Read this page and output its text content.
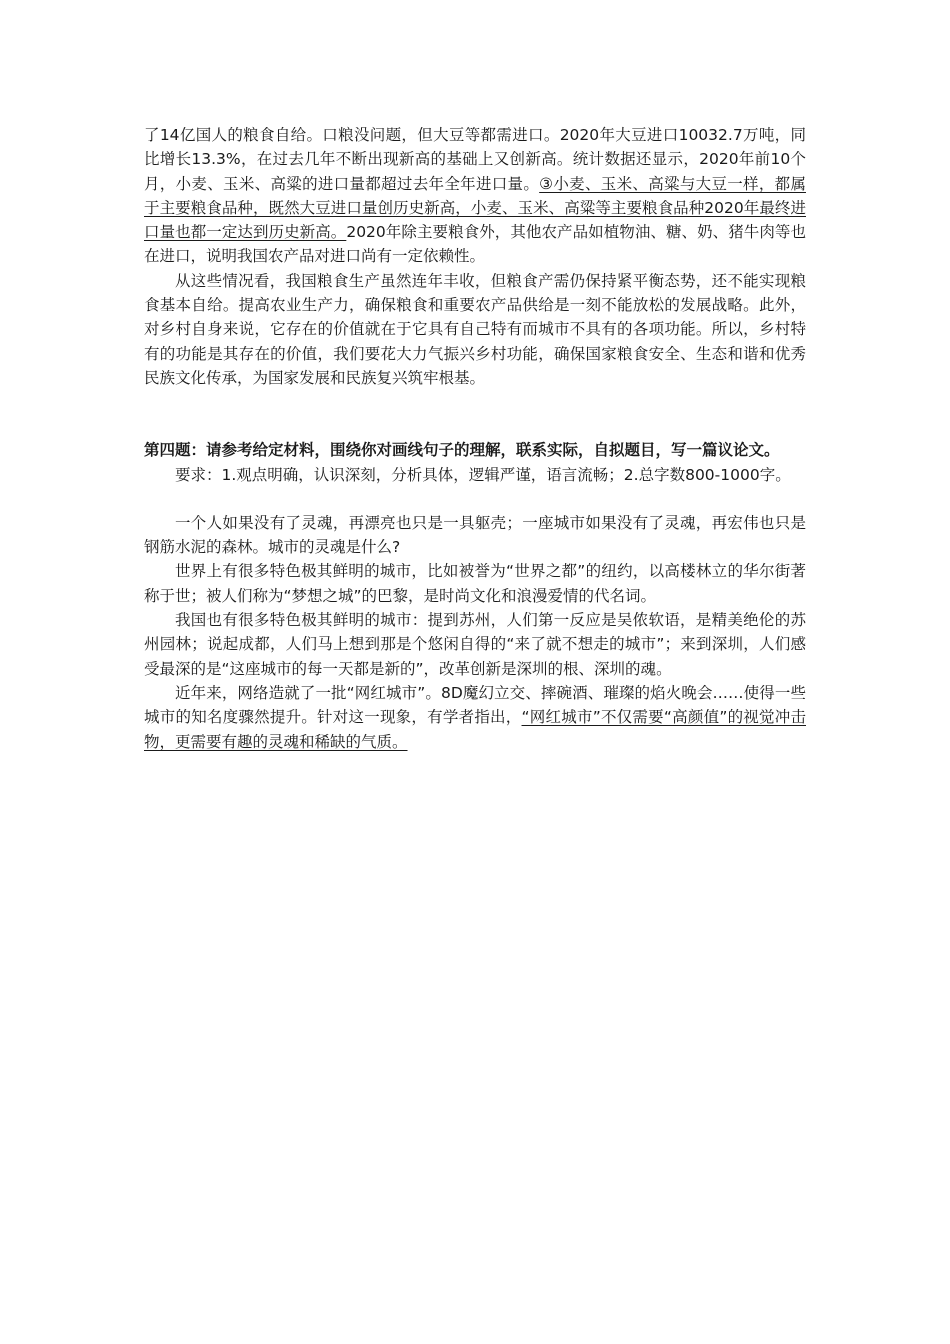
了14亿国人的粮食自给。口粮没问题，但大豆等都需进口。2020年大豆进口10032.7万吨，同比增长13.3%，在过去几年不断出现新高的基础上又创新高。统计数据还显示，2020年前10个月，小麦、玉米、高粱的进口量都超过去年全年进口量。③小麦、玉米、高粱与大豆一样，都属于主要粮食品种，既然大豆进口量创历史新高，小麦、玉米、高粱等主要粮食品种2020年最终进口量也都一定达到历史新高。2020年除主要粮食外，其他农产品如植物油、糖、奶、猪牛肉等也在进口，说明我国农产品对进口尚有一定依赖性。

从这些情况看，我国粮食生产虽然连年丰收，但粮食产需仍保持紧平衡态势，还不能实现粮食基本自给。提高农业生产力，确保粮食和重要农产品供给是一刻不能放松的发展战略。此外，对乡村自身来说，它存在的价值就在于它具有自己特有而城市不具有的各项功能。所以，乡村特有的功能是其存在的价值，我们要花大力气振兴乡村功能，确保国家粮食安全、生态和谐和优秀民族文化传承，为国家发展和民族复兴筑牢根基。

第四题：请参考给定材料，围绕你对画线句子的理解，联系实际，自拟题目，写一篇议论文。

要求：1.观点明确，认识深刻，分析具体，逻辑严谨，语言流畅；2.总字数800-1000字。

一个人如果没有了灵魂，再漂亮也只是一具躯壳；一座城市如果没有了灵魂，再宏伟也只是钢筋水泥的森林。城市的灵魂是什么?

世界上有很多特色极其鲜明的城市，比如被誉为“世界之都”的纽约，以高楼林立的华尔街著称于世；被人们称为“梦想之城”的巴黎，是时尚文化和浪漫爱情的代名词。

我国也有很多特色极其鲜明的城市：提到苏州，人们第一反应是吴侬软语，是精美绝伦的苏州园林；说起成都，人们马上想到那是个悠闲自得的“来了就不想走的城市”；来到深圳，人们感受最深的是“这座城市的每一天都是新的”，改革创新是深圳的根、深圳的魂。

近年来，网络造就了一批“网红城市”。8D魔幻立交、摔碗酒、璀璨的焰火晚会……使得一些城市的知名度骤然提升。针对这一现象，有学者指出，“网红城市”不仅需要“高颜值”的视觉冲击物，更需要有趣的灵魂和稀缺的气质。
